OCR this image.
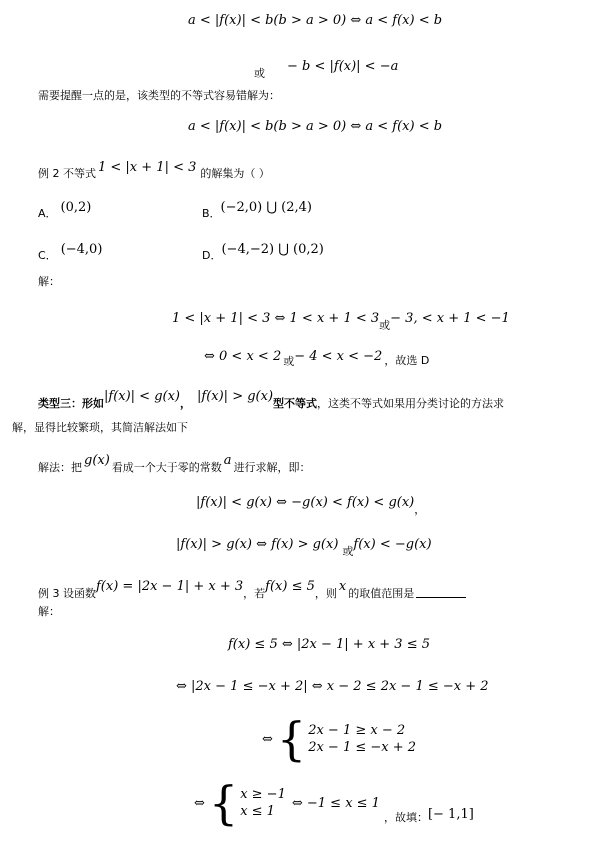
a < |f(x)| < b(b > a > 0) ⇔ a < f(x) < b
或 − b < |f(x)| < −a
需要提醒一点的是，该类型的不等式容易错解为：
a < |f(x)| < b(b > a > 0) ⇔ a < f(x) < b
例 2 不等式 1 < |x + 1| < 3 的解集为（ ）
A． (0,2)	B． (−2,0) ⋃ (2,4)
C． (−4,0)	D． (−4,−2) ⋃ (0,2)
解：
1 < |x + 1| < 3 ⇔ 1 < x + 1 < 3 或 − 3, < x + 1 < −1
⇔ 0 < x < 2 或 − 4 < x < −2 ，故选 D
类型三：形如 |f(x)| < g(x) ， |f(x)| > g(x) 型不等式 ，这类不等式如果用分类讨论的方法求
解，显得比较繁琐，其简洁解法如下
解法：把 g(x) 看成一个大于零的常数 a 进行求解，即：
|f(x)| < g(x) ⇔ −g(x) < f(x) < g(x) ，
|f(x)| > g(x) ⇔ f(x) > g(x) 或 f(x) < −g(x)
例 3 设函数 f(x) = |2x − 1| + x + 3 ，若 f(x) ≤ 5 ，则 x 的取值范围是
解：
f(x) ≤ 5 ⇔ |2x − 1| + x + 3 ≤ 5
⇔ |2x − 1 ≤ −x + 2| ⇔ x − 2 ≤ 2x − 1 ≤ −x + 2
⇔ { 2x − 1 ≥ x − 2
2x − 1 ≤ −x + 2
⇔ { x ≥ −1
x ≤ 1
⇔ −1 ≤ x ≤ 1
，故填： [− 1,1]
